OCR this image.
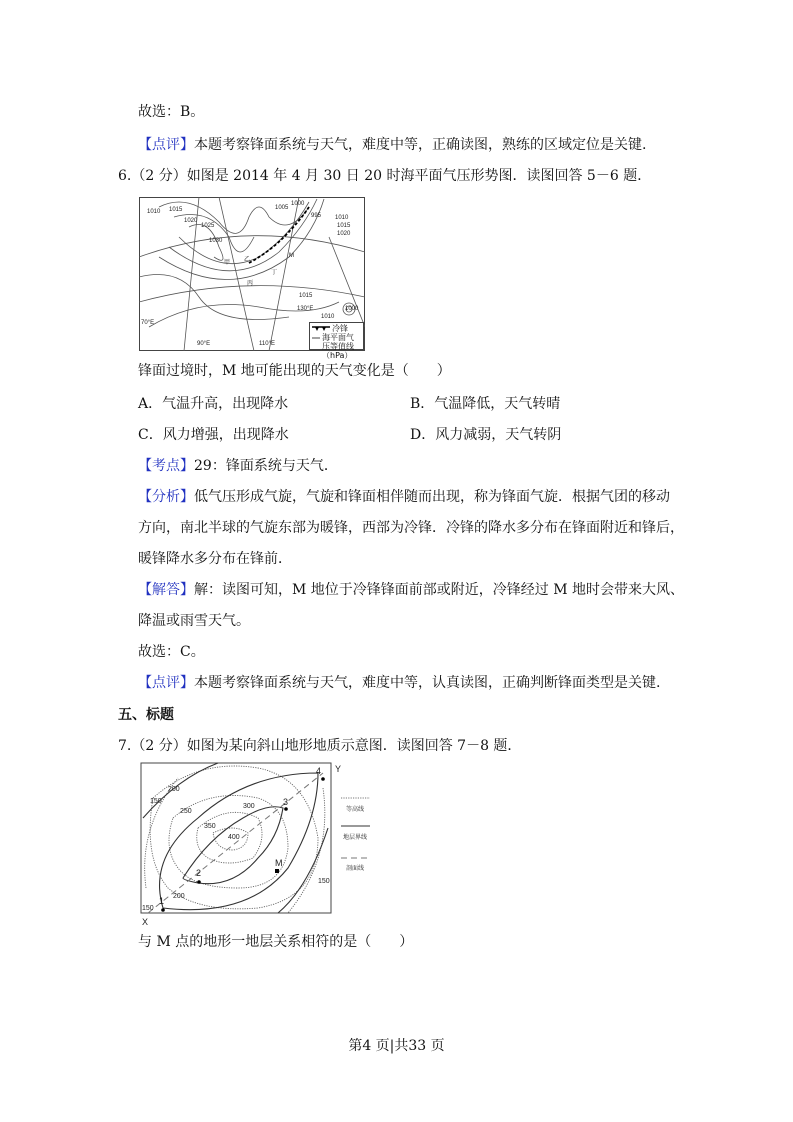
故选：B。
【点评】本题考察锋面系统与天气，难度中等，正确读图，熟练的区域定位是关键.
6.（2 分）如图是 2014 年 4 月 30 日 20 时海平面气压形势图．读图回答 5－6 题．
1010 1015
1020
1025
1030
1005
1000
995 1010
1015
1020
1015
1010
1000
甲 乙
丙
丁
M
70°E
90°E	110°E
130°E
冷锋
海平面气压等值线（hPa）
锋面过境时，M 地可能出现的天气变化是（　　）
A．气温升高，出现降水	B．气温降低，天气转晴
C．风力增强，出现降水	D．风力减弱，天气转阴
【考点】29：锋面系统与天气．
【分析】低气压形成气旋，气旋和锋面相伴随而出现，称为锋面气旋．根据气团的移动
方向，南北半球的气旋东部为暖锋，西部为冷锋．冷锋的降水多分布在锋面附近和锋后，
暖锋降水多分布在锋前．
【解答】解：读图可知，M 地位于冷锋锋面前部或附近，冷锋经过 M 地时会带来大风、
降温或雨雪天气。
故选：C。
【点评】本题考察锋面系统与天气，难度中等，认真读图，正确判断锋面类型是关键.
五、标题
7.（2 分）如图为某向斜山地形地质示意图．读图回答 7－8 题．
150
200
250
300
350
400
200
150
150
1
2
3
4
M
X
Y
等高线
地层界线
剖面线
与 M 点的地形一地层关系相符的是（　　）
第4 页|共33 页
